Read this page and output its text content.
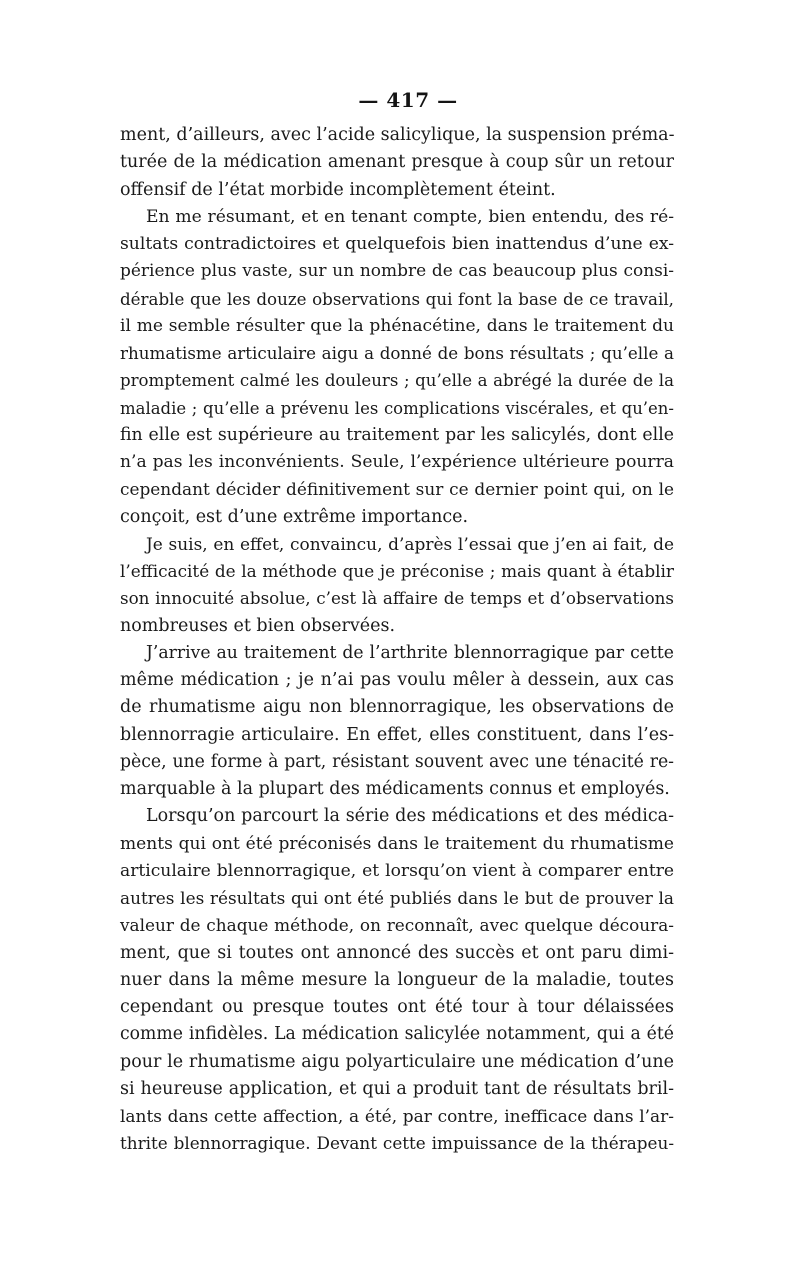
— 417 —
ment, d’ailleurs, avec l’acide salicylique, la suspension préma-
turée de la médication amenant presque à coup sûr un retour
offensif de l’état morbide incomplètement éteint.
En me résumant, et en tenant compte, bien entendu, des ré-
sultats contradictoires et quelquefois bien inattendus d’une ex-
périence plus vaste, sur un nombre de cas beaucoup plus consi-
dérable que les douze observations qui font la base de ce travail,
il me semble résulter que la phénacétine, dans le traitement du
rhumatisme articulaire aigu a donné de bons résultats ; qu’elle a
promptement calmé les douleurs ; qu’elle a abrégé la durée de la
maladie ; qu’elle a prévenu les complications viscérales, et qu’en-
fin elle est supérieure au traitement par les salicylés, dont elle
n’a pas les inconvénients. Seule, l’expérience ultérieure pourra
cependant décider définitivement sur ce dernier point qui, on le
conçoit, est d’une extrême importance.
Je suis, en effet, convaincu, d’après l’essai que j’en ai fait, de
l’efficacité de la méthode que je préconise ; mais quant à établir
son innocuité absolue, c’est là affaire de temps et d’observations
nombreuses et bien observées.
J’arrive au traitement de l’arthrite blennorragique par cette
même médication ; je n’ai pas voulu mêler à dessein, aux cas
de rhumatisme aigu non blennorragique, les observations de
blennorragie articulaire. En effet, elles constituent, dans l’es-
pèce, une forme à part, résistant souvent avec une ténacité re-
marquable à la plupart des médicaments connus et employés.
Lorsqu’on parcourt la série des médications et des médica-
ments qui ont été préconisés dans le traitement du rhumatisme
articulaire blennorragique, et lorsqu’on vient à comparer entre
autres les résultats qui ont été publiés dans le but de prouver la
valeur de chaque méthode, on reconnaît, avec quelque découra-
ment, que si toutes ont annoncé des succès et ont paru dimi-
nuer dans la même mesure la longueur de la maladie, toutes
cependant ou presque toutes ont été tour à tour délaissées
comme infidèles. La médication salicylée notamment, qui a été
pour le rhumatisme aigu polyarticulaire une médication d’une
si heureuse application, et qui a produit tant de résultats bril-
lants dans cette affection, a été, par contre, inefficace dans l’ar-
thrite blennorragique. Devant cette impuissance de la thérapeu-
